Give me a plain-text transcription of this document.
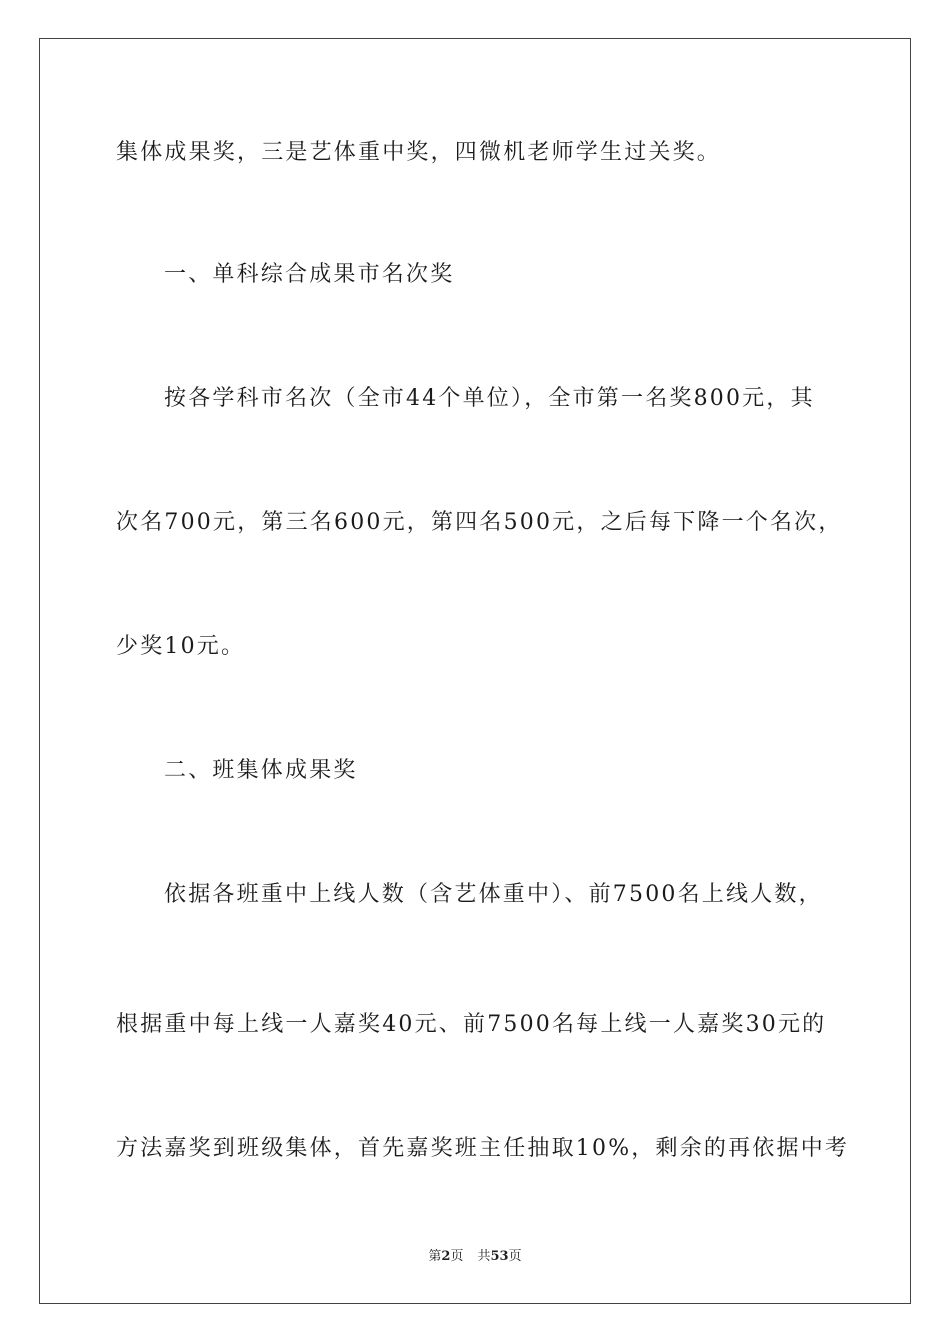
集体成果奖，三是艺体重中奖，四微机老师学生过关奖。
一、单科综合成果市名次奖
按各学科市名次（全市44个单位），全市第一名奖800元，其
次名700元，第三名600元，第四名500元，之后每下降一个名次，
少奖10元。
二、班集体成果奖
依据各班重中上线人数（含艺体重中）、前7500名上线人数，
根据重中每上线一人嘉奖40元、前7500名每上线一人嘉奖30元的
方法嘉奖到班级集体，首先嘉奖班主任抽取10%，剩余的再依据中考
第2页 共53页
